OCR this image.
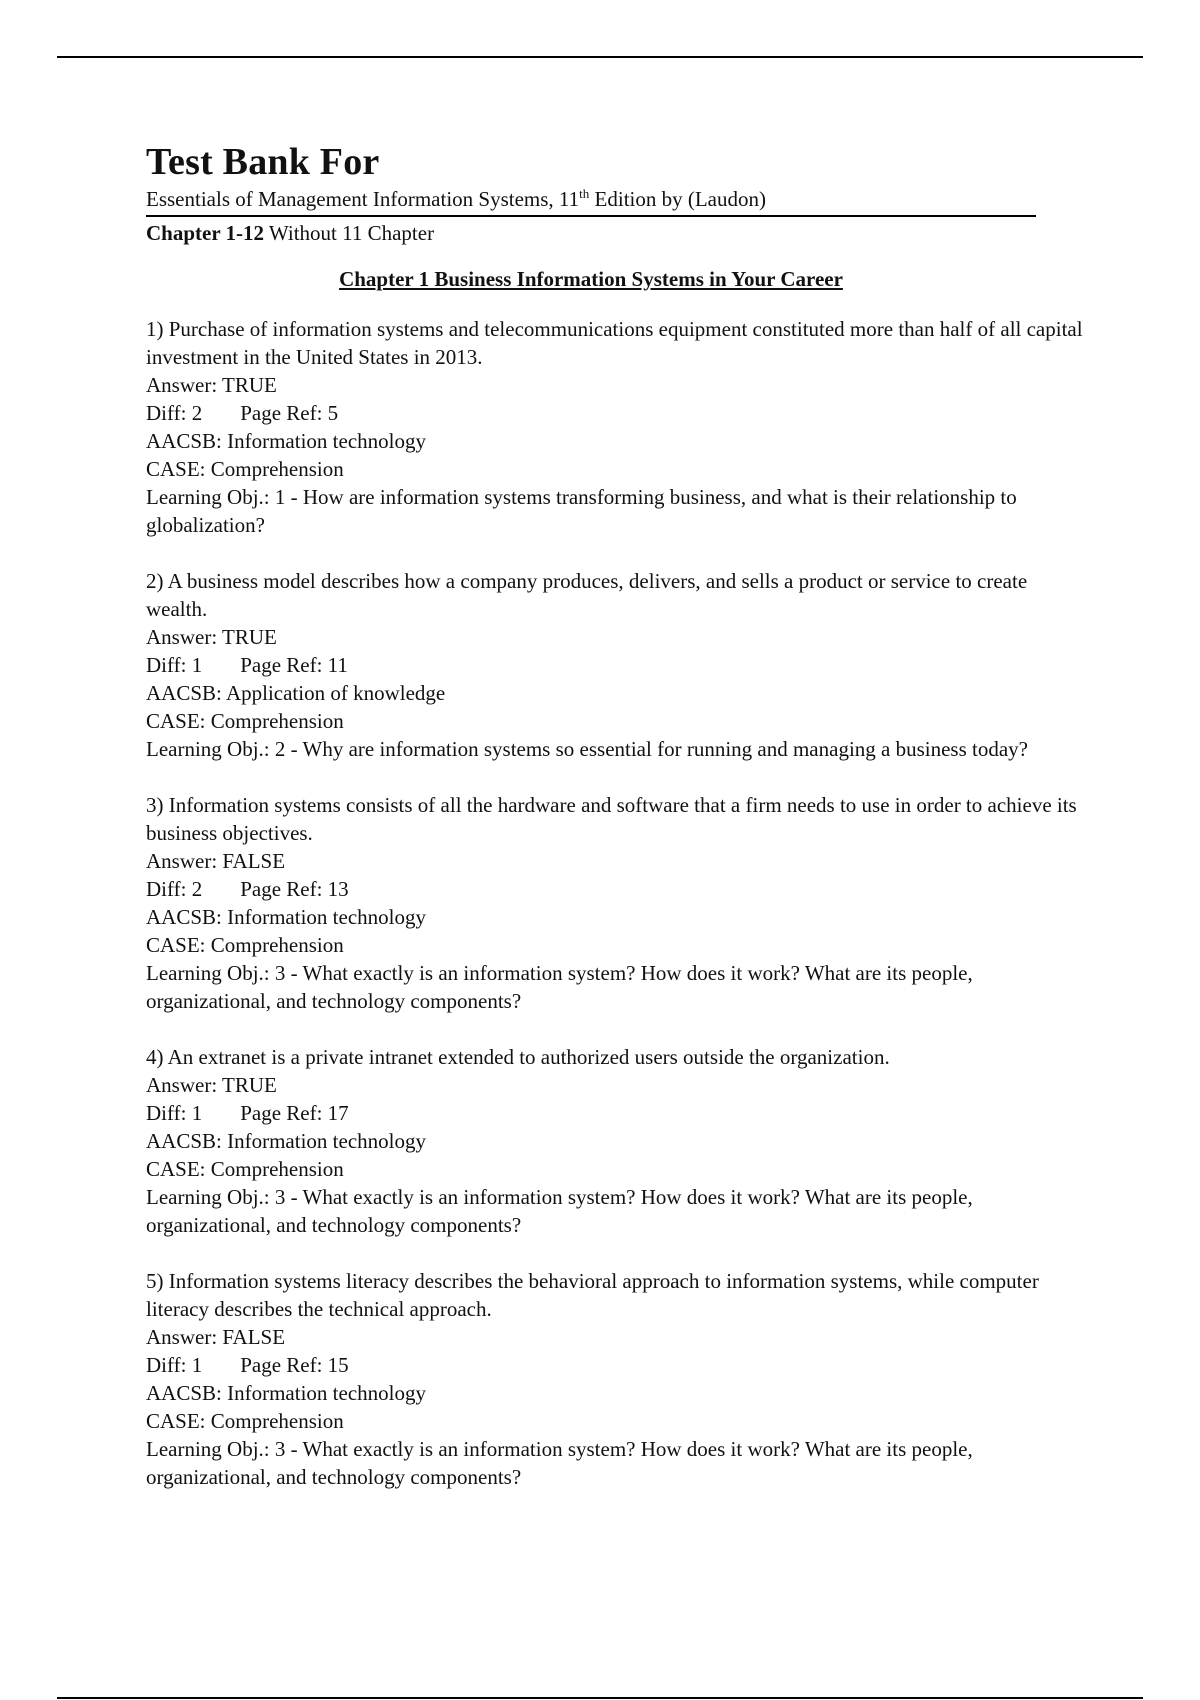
Test Bank For
Essentials of Management Information Systems, 11th Edition by (Laudon)
Chapter 1-12 Without 11 Chapter
Chapter 1 Business Information Systems in Your Career
1) Purchase of information systems and telecommunications equipment constituted more than half of all capital investment in the United States in 2013.
Answer: TRUE
Diff: 2 Page Ref: 5
AACSB: Information technology
CASE: Comprehension
Learning Obj.: 1 - How are information systems transforming business, and what is their relationship to globalization?
2) A business model describes how a company produces, delivers, and sells a product or service to create wealth.
Answer: TRUE
Diff: 1 Page Ref: 11
AACSB: Application of knowledge
CASE: Comprehension
Learning Obj.: 2 - Why are information systems so essential for running and managing a business today?
3) Information systems consists of all the hardware and software that a firm needs to use in order to achieve its business objectives.
Answer: FALSE
Diff: 2 Page Ref: 13
AACSB: Information technology
CASE: Comprehension
Learning Obj.: 3 - What exactly is an information system? How does it work? What are its people, organizational, and technology components?
4) An extranet is a private intranet extended to authorized users outside the organization.
Answer: TRUE
Diff: 1 Page Ref: 17
AACSB: Information technology
CASE: Comprehension
Learning Obj.: 3 - What exactly is an information system? How does it work? What are its people, organizational, and technology components?
5) Information systems literacy describes the behavioral approach to information systems, while computer literacy describes the technical approach.
Answer: FALSE
Diff: 1 Page Ref: 15
AACSB: Information technology
CASE: Comprehension
Learning Obj.: 3 - What exactly is an information system? How does it work? What are its people, organizational, and technology components?
